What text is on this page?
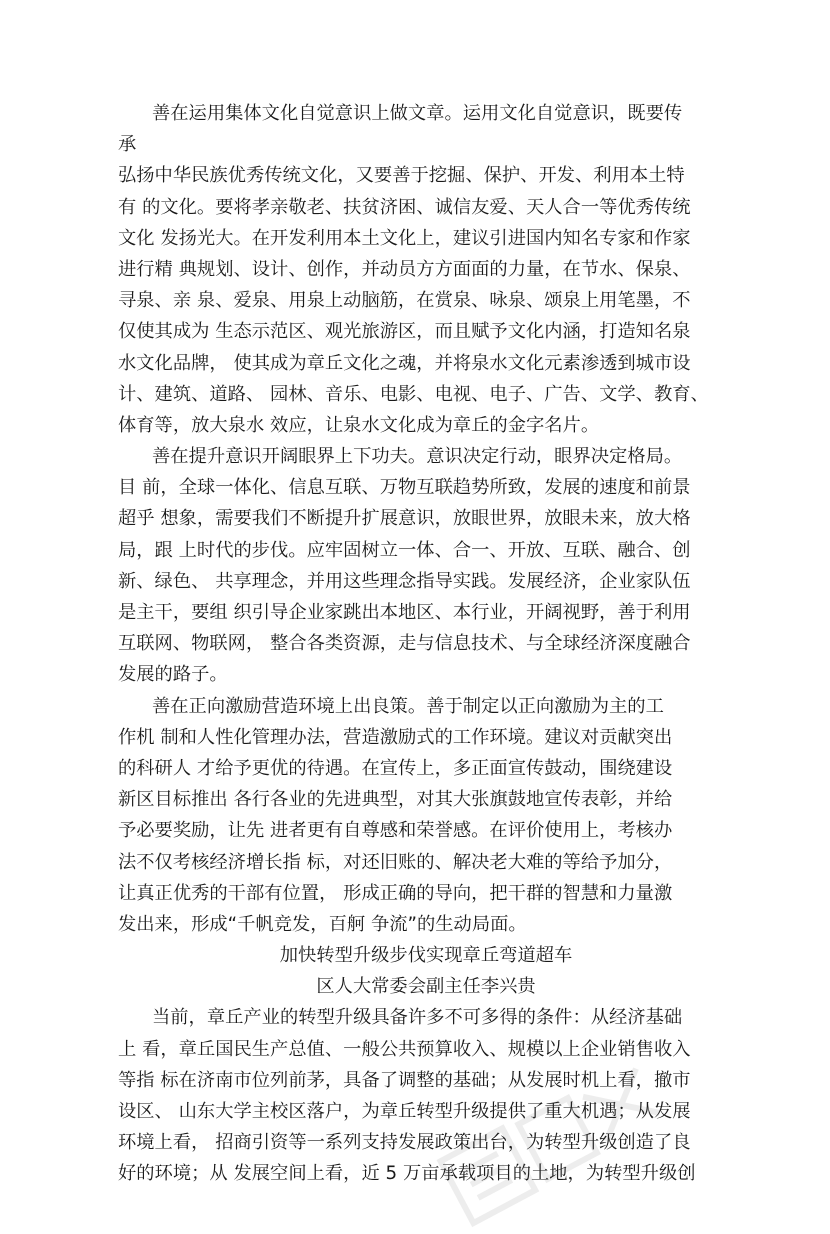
善在运用集体文化自觉意识上做文章。运用文化自觉意识，既要传
承
弘扬中华民族优秀传统文化，又要善于挖掘、保护、开发、利用本土特
有 的文化。要将孝亲敬老、扶贫济困、诚信友爱、天人合一等优秀传统
文化 发扬光大。在开发利用本土文化上，建议引进国内知名专家和作家
进行精 典规划、设计、创作，并动员方方面面的力量，在节水、保泉、
寻泉、亲 泉、爱泉、用泉上动脑筋，在赏泉、咏泉、颂泉上用笔墨，不
仅使其成为 生态示范区、观光旅游区，而且赋予文化内涵，打造知名泉
水文化品牌， 使其成为章丘文化之魂，并将泉水文化元素渗透到城市设
计、建筑、道路、 园林、音乐、电影、电视、电子、广告、文学、教育、
体育等，放大泉水 效应，让泉水文化成为章丘的金字名片。
善在提升意识开阔眼界上下功夫。意识决定行动，眼界决定格局。
目 前，全球一体化、信息互联、万物互联趋势所致，发展的速度和前景
超乎 想象，需要我们不断提升扩展意识，放眼世界，放眼未来，放大格
局，跟 上时代的步伐。应牢固树立一体、合一、开放、互联、融合、创
新、绿色、 共享理念，并用这些理念指导实践。发展经济，企业家队伍
是主干，要组 织引导企业家跳出本地区、本行业，开阔视野，善于利用
互联网、物联网， 整合各类资源，走与信息技术、与全球经济深度融合
发展的路子。
善在正向激励营造环境上出良策。善于制定以正向激励为主的工
作机 制和人性化管理办法，营造激励式的工作环境。建议对贡献突出
的科研人 才给予更优的待遇。在宣传上，多正面宣传鼓动，围绕建设
新区目标推出 各行各业的先进典型，对其大张旗鼓地宣传表彰，并给
予必要奖励，让先 进者更有自尊感和荣誉感。在评价使用上，考核办
法不仅考核经济增长指 标，对还旧账的、解决老大难的等给予加分，
让真正优秀的干部有位置， 形成正确的导向，把干群的智慧和力量激
发出来，形成“千帆竞发，百舸 争流”的生动局面。
加快转型升级步伐实现章丘弯道超车
区人大常委会副主任李兴贵
当前，章丘产业的转型升级具备许多不可多得的条件：从经济基础
上 看，章丘国民生产总值、一般公共预算收入、规模以上企业销售收入
等指 标在济南市位列前茅，具备了调整的基础；从发展时机上看，撤市
设区、 山东大学主校区落户，为章丘转型升级提供了重大机遇；从发展
环境上看， 招商引资等一系列支持发展政策出台，为转型升级创造了良
好的环境；从 发展空间上看，近 5 万亩承载项目的土地，为转型升级创
